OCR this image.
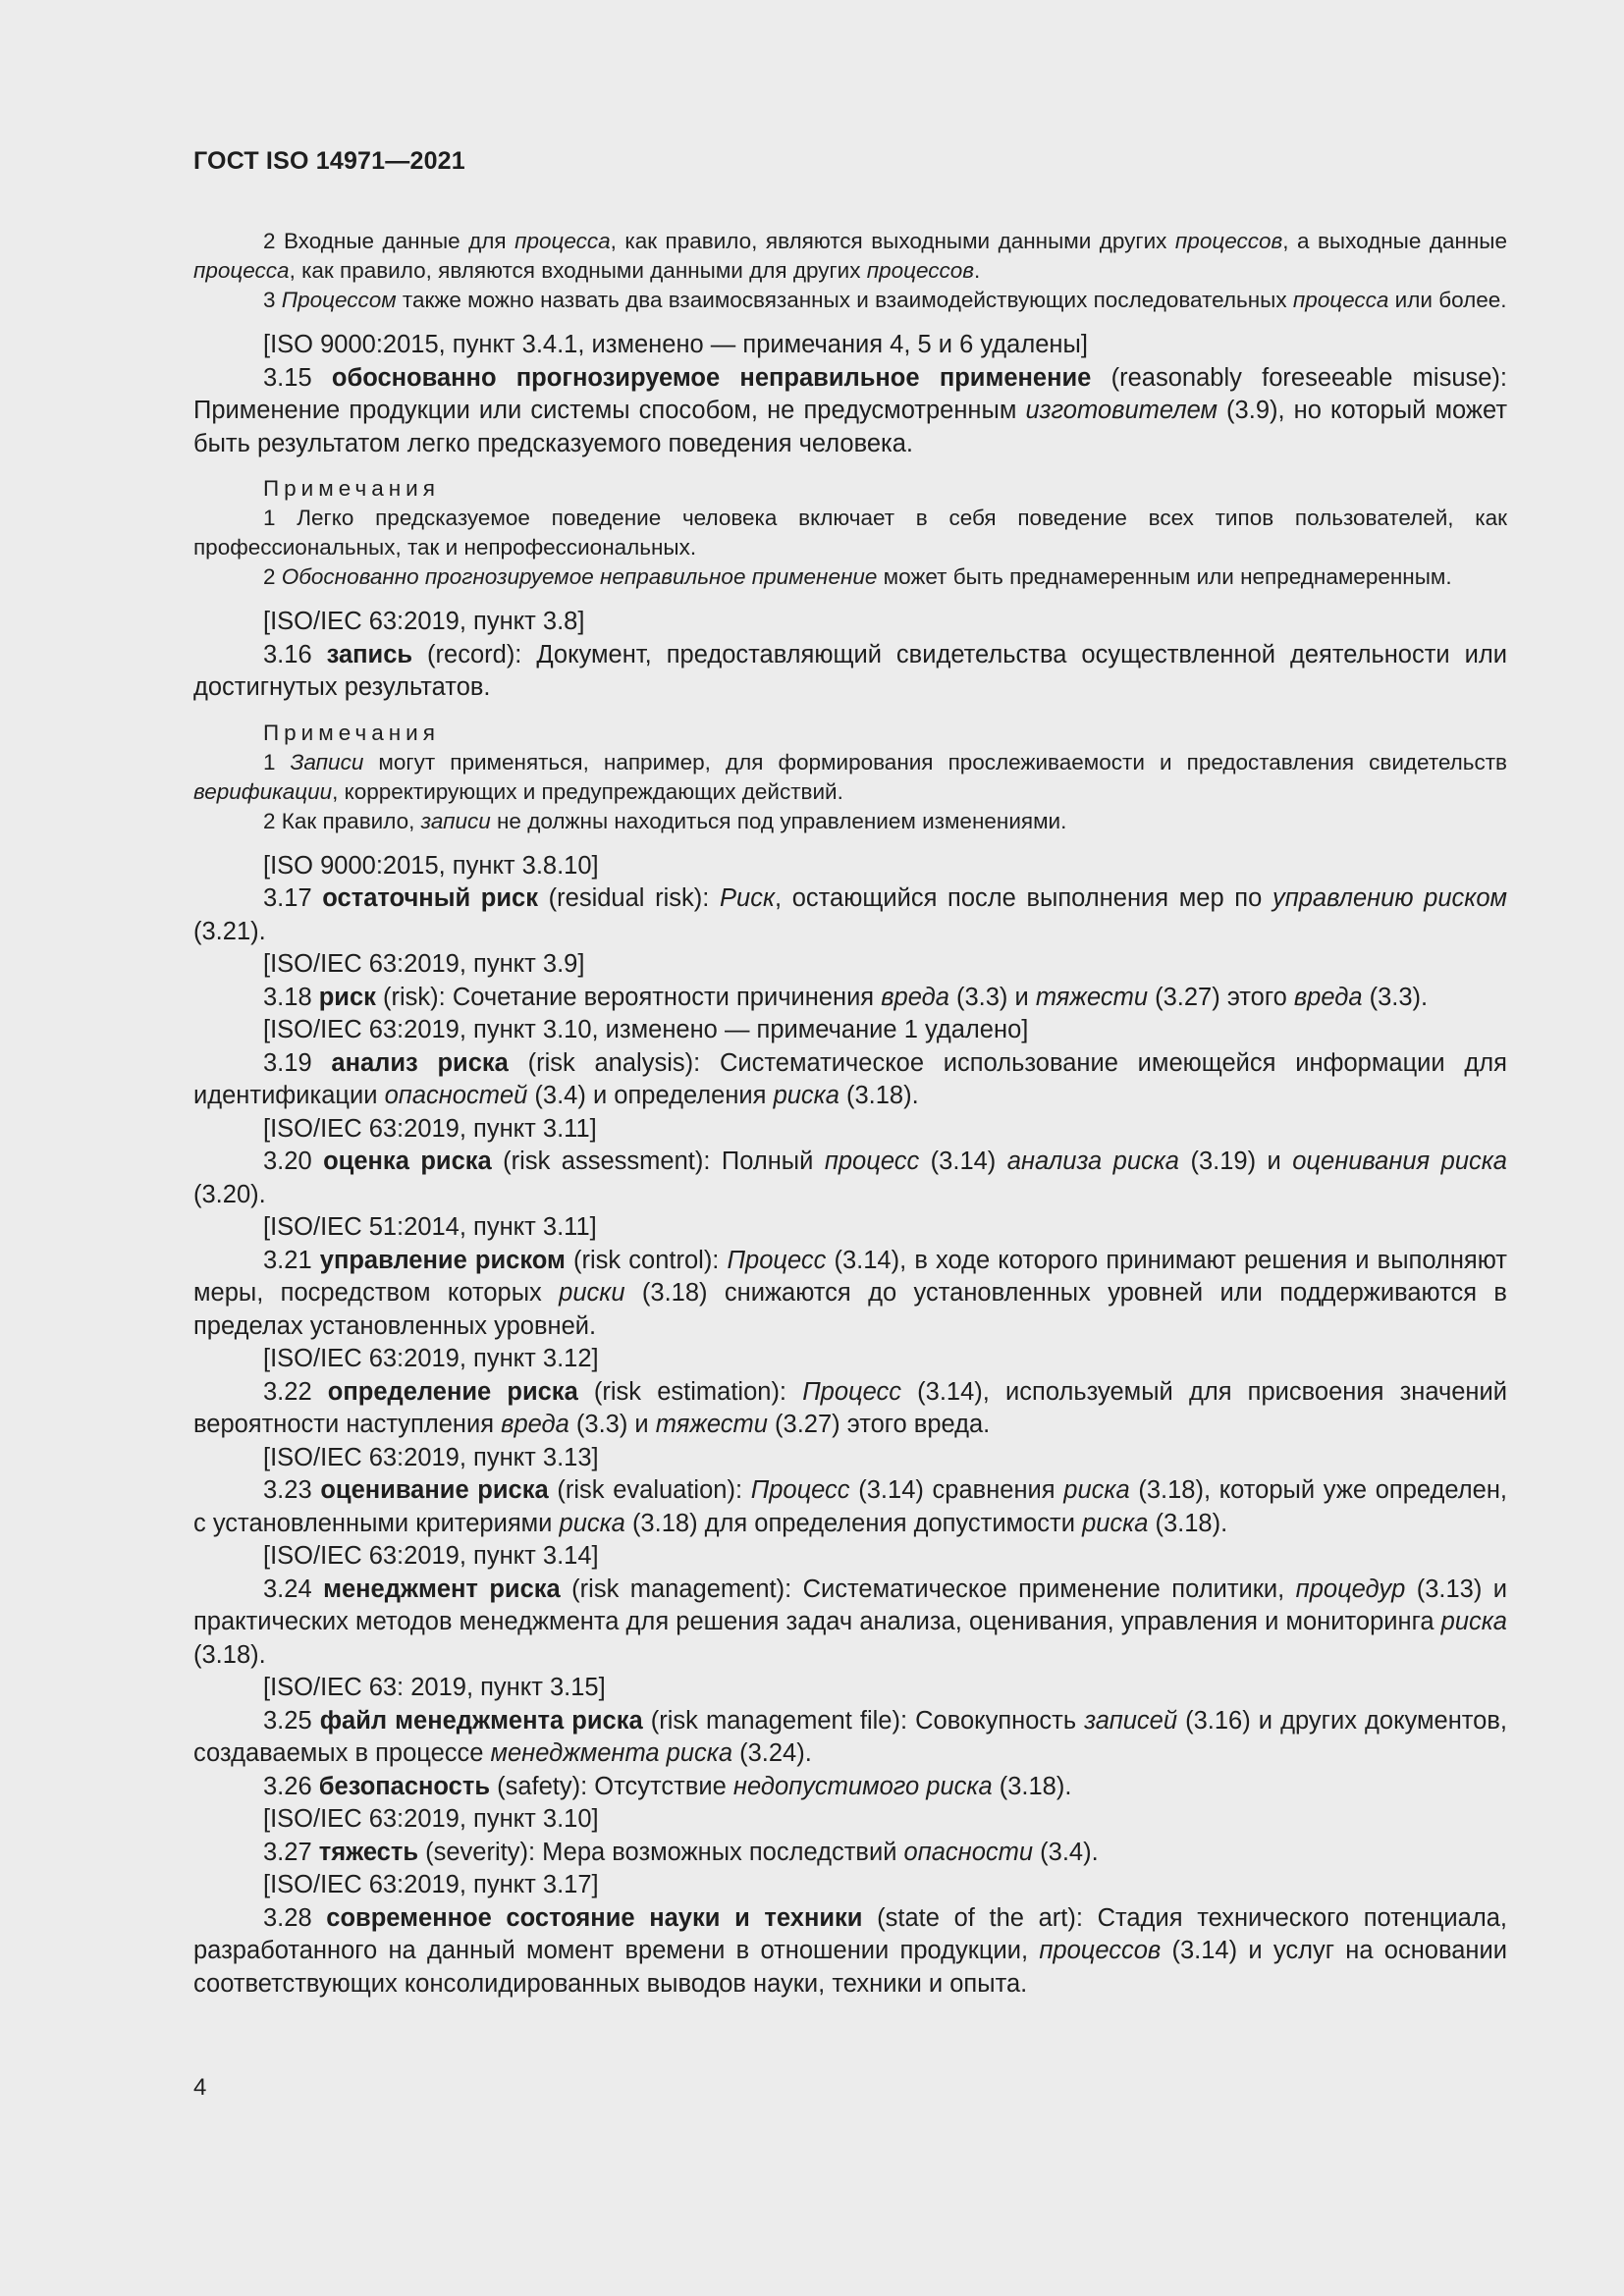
ГОСТ ISO 14971—2021

2 Входные данные для процесса, как правило, являются выходными данными других процессов, а выходные данные процесса, как правило, являются входными данными для других процессов.

3 Процессом также можно назвать два взаимосвязанных и взаимодействующих последовательных процесса или более.

[ISO 9000:2015, пункт 3.4.1, изменено — примечания 4, 5 и 6 удалены]

3.15 обоснованно прогнозируемое неправильное применение (reasonably foreseeable misuse): Применение продукции или системы способом, не предусмотренным изготовителем (3.9), но который может быть результатом легко предсказуемого поведения человека.

Примечания

1 Легко предсказуемое поведение человека включает в себя поведение всех типов пользователей, как профессиональных, так и непрофессиональных.

2 Обоснованно прогнозируемое неправильное применение может быть преднамеренным или непреднамеренным.

[ISO/IEC 63:2019, пункт 3.8]

3.16 запись (record): Документ, предоставляющий свидетельства осуществленной деятельности или достигнутых результатов.

Примечания

1 Записи могут применяться, например, для формирования прослеживаемости и предоставления свидетельств верификации, корректирующих и предупреждающих действий.

2 Как правило, записи не должны находиться под управлением изменениями.

[ISO 9000:2015, пункт 3.8.10]

3.17 остаточный риск (residual risk): Риск, остающийся после выполнения мер по управлению риском (3.21).

[ISO/IEC 63:2019, пункт 3.9]

3.18 риск (risk): Сочетание вероятности причинения вреда (3.3) и тяжести (3.27) этого вреда (3.3).

[ISO/IEC 63:2019, пункт 3.10, изменено — примечание 1 удалено]

3.19 анализ риска (risk analysis): Систематическое использование имеющейся информации для идентификации опасностей (3.4) и определения риска (3.18).

[ISO/IEC 63:2019, пункт 3.11]

3.20 оценка риска (risk assessment): Полный процесс (3.14) анализа риска (3.19) и оценивания риска (3.20).

[ISO/IEC 51:2014, пункт 3.11]

3.21 управление риском (risk control): Процесс (3.14), в ходе которого принимают решения и выполняют меры, посредством которых риски (3.18) снижаются до установленных уровней или поддерживаются в пределах установленных уровней.

[ISO/IEC 63:2019, пункт 3.12]

3.22 определение риска (risk estimation): Процесс (3.14), используемый для присвоения значений вероятности наступления вреда (3.3) и тяжести (3.27) этого вреда.

[ISO/IEC 63:2019, пункт 3.13]

3.23 оценивание риска (risk evaluation): Процесс (3.14) сравнения риска (3.18), который уже определен, с установленными критериями риска (3.18) для определения допустимости риска (3.18).

[ISO/IEC 63:2019, пункт 3.14]

3.24 менеджмент риска (risk management): Систематическое применение политики, процедур (3.13) и практических методов менеджмента для решения задач анализа, оценивания, управления и мониторинга риска (3.18).

[ISO/IEC 63: 2019, пункт 3.15]

3.25 файл менеджмента риска (risk management file): Совокупность записей (3.16) и других документов, создаваемых в процессе менеджмента риска (3.24).

3.26 безопасность (safety): Отсутствие недопустимого риска (3.18).

[ISO/IEC 63:2019, пункт 3.10]

3.27 тяжесть (severity): Мера возможных последствий опасности (3.4).

[ISO/IEC 63:2019, пункт 3.17]

3.28 современное состояние науки и техники (state of the art): Стадия технического потенциала, разработанного на данный момент времени в отношении продукции, процессов (3.14) и услуг на основании соответствующих консолидированных выводов науки, техники и опыта.

4
